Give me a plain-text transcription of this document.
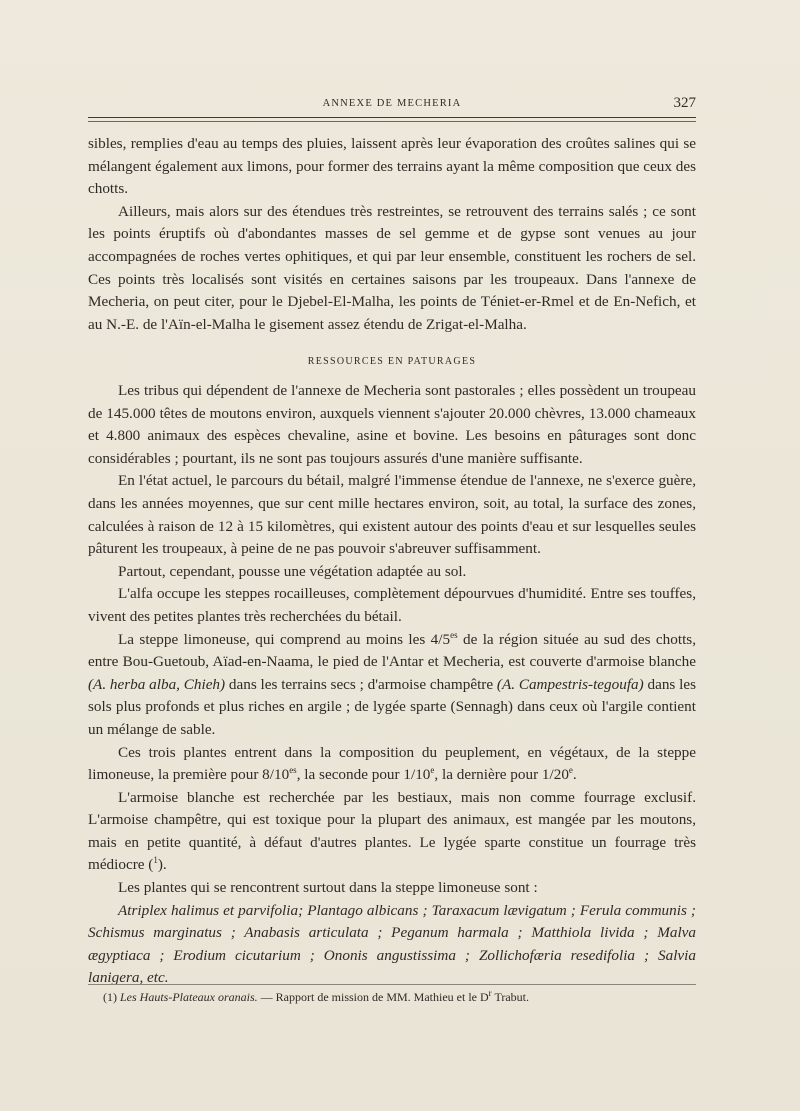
ANNEXE DE MECHERIA	327

sibles, remplies d'eau au temps des pluies, laissent après leur évaporation des croûtes salines qui se mélangent également aux limons, pour former des terrains ayant la même composition que ceux des chotts.

Ailleurs, mais alors sur des étendues très restreintes, se retrouvent des terrains salés ; ce sont les points éruptifs où d'abondantes masses de sel gemme et de gypse sont venues au jour accompagnées de roches vertes ophitiques, et qui par leur ensemble, constituent les rochers de sel. Ces points très localisés sont visités en certaines saisons par les troupeaux. Dans l'annexe de Mecheria, on peut citer, pour le Djebel-El-Malha, les points de Téniet-er-Rmel et de En-Nefich, et au N.-E. de l'Aïn-el-Malha le gisement assez étendu de Zrigat-el-Malha.

RESSOURCES EN PATURAGES

Les tribus qui dépendent de l'annexe de Mecheria sont pastorales ; elles possèdent un troupeau de 145.000 têtes de moutons environ, auxquels viennent s'ajouter 20.000 chèvres, 13.000 chameaux et 4.800 animaux des espèces chevaline, asine et bovine. Les besoins en pâturages sont donc considérables ; pourtant, ils ne sont pas toujours assurés d'une manière suffisante.

En l'état actuel, le parcours du bétail, malgré l'immense étendue de l'annexe, ne s'exerce guère, dans les années moyennes, que sur cent mille hectares environ, soit, au total, la surface des zones, calculées à raison de 12 à 15 kilomètres, qui existent autour des points d'eau et sur lesquelles seules pâturent les troupeaux, à peine de ne pas pouvoir s'abreuver suffisamment.

Partout, cependant, pousse une végétation adaptée au sol.

L'alfa occupe les steppes rocailleuses, complètement dépourvues d'humidité. Entre ses touffes, vivent des petites plantes très recherchées du bétail.

La steppe limoneuse, qui comprend au moins les $4/5^{es}$ de la région située au sud des chotts, entre Bou-Guetoub, Aïad-en-Naama, le pied de l'Antar et Mecheria, est couverte d'armoise blanche (A. herba alba, Chieh) dans les terrains secs ; d'armoise champêtre (A. Campestris-tegoufa) dans les sols plus profonds et plus riches en argile ; de lygée sparte (Sennagh) dans ceux où l'argile contient un mélange de sable.

Ces trois plantes entrent dans la composition du peuplement, en végétaux, de la steppe limoneuse, la première pour $8/10^{es}$, la seconde pour 1/10e, la dernière pour 1/20e.

L'armoise blanche est recherchée par les bestiaux, mais non comme fourrage exclusif. L'armoise champêtre, qui est toxique pour la plupart des animaux, est mangée par les moutons, mais en petite quantité, à défaut d'autres plantes. Le lygée sparte constitue un fourrage très médiocre ($^1$).

Les plantes qui se rencontrent surtout dans la steppe limoneuse sont :

Atriplex halimus et parvifolia; Plantago albicans ; Taraxacum lævigatum ; Ferula communis ; Schismus marginatus ; Anabasis articulata ; Peganum harmala ; Matthiola livida ; Malva ægyptiaca ; Erodium cicutarium ; Ononis angustissima ; Zollichofæria resedifolia ; Salvia lanigera, etc.

(1) Les Hauts-Plateaux oranais. — Rapport de mission de MM. Mathieu et le $D^r$ Trabut.
